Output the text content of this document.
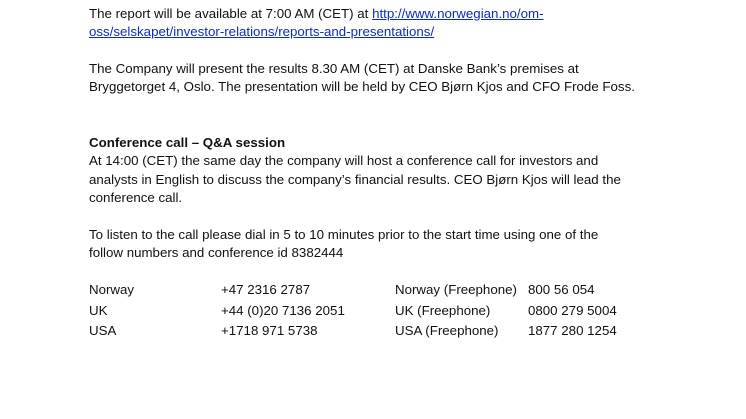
The report will be available at 7:00 AM (CET) at http://www.norwegian.no/om-
oss/selskapet/investor-relations/reports-and-presentations/
The Company will present the results 8.30 AM (CET) at Danske Bank’s premises at
Bryggetorget 4, Oslo. The presentation will be held by CEO Bjørn Kjos and CFO Frode Foss.
Conference call – Q&A session
At 14:00 (CET) the same day the company will host a conference call for investors and
analysts in English to discuss the company’s financial results. CEO Bjørn Kjos will lead the
conference call.
To listen to the call please dial in 5 to 10 minutes prior to the start time using one of the
follow numbers and conference id 8382444
Norway	+47 2316 2787	Norway (Freephone) 800 56 054
UK	+44 (0)20 7136 2051	UK (Freephone)	0800 279 5004
USA	+1718 971 5738	USA (Freephone) 1877 280 1254
